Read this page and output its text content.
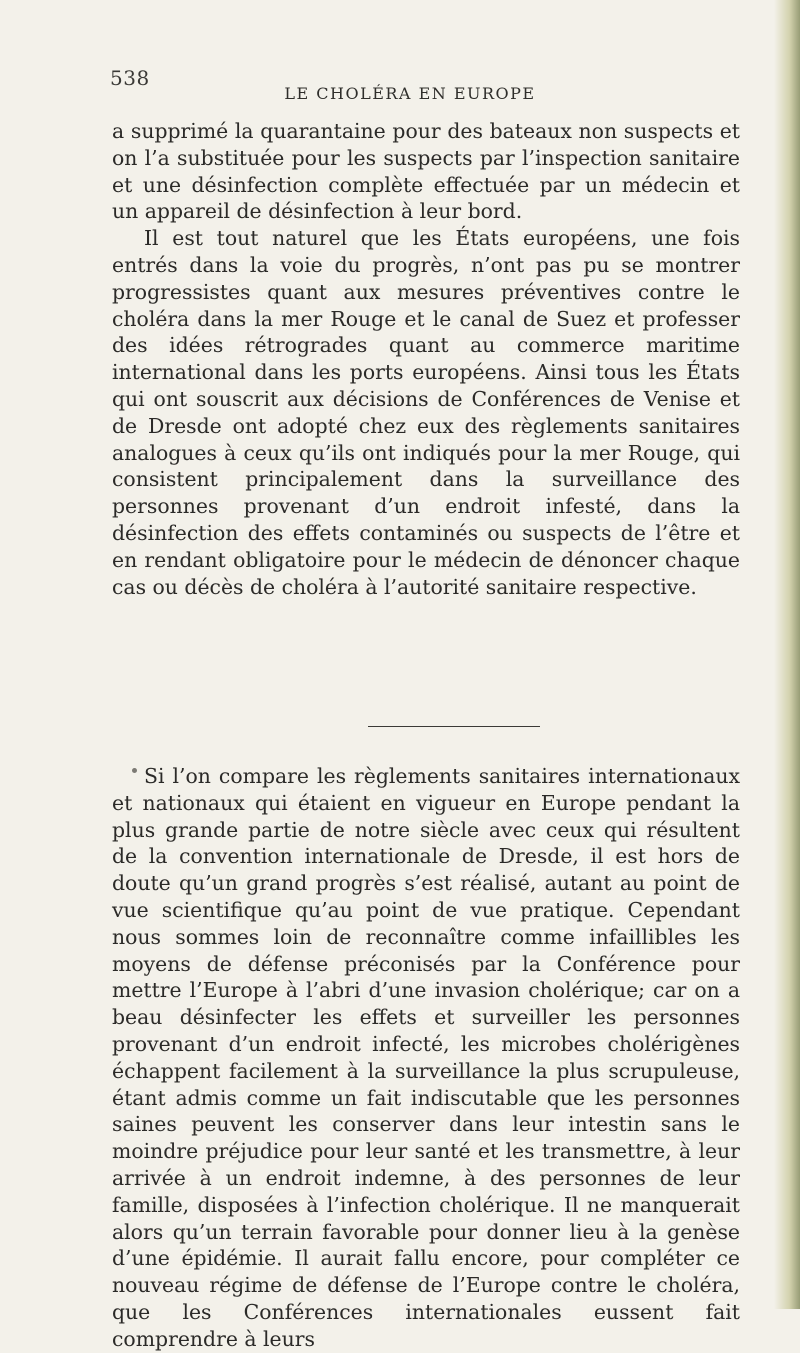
538
LE CHOLÉRA EN EUROPE

a supprimé la quarantaine pour des bateaux non suspects et on l’a substituée pour les suspects par l’inspection sanitaire et une désinfection complète effectuée par un médecin et un appareil de désinfection à leur bord.

Il est tout naturel que les États européens, une fois entrés dans la voie du progrès, n’ont pas pu se montrer progressistes quant aux mesures préventives contre le choléra dans la mer Rouge et le canal de Suez et professer des idées rétrogrades quant au commerce maritime international dans les ports européens. Ainsi tous les États qui ont souscrit aux décisions de Conférences de Venise et de Dresde ont adopté chez eux des règlements sanitaires analogues à ceux qu’ils ont indiqués pour la mer Rouge, qui consistent principalement dans la surveillance des personnes provenant d’un endroit infesté, dans la désinfection des effets contaminés ou suspects de l’être et en rendant obligatoire pour le médecin de dénoncer chaque cas ou décès de choléra à l’autorité sanitaire respective.

Si l’on compare les règlements sanitaires internationaux et nationaux qui étaient en vigueur en Europe pendant la plus grande partie de notre siècle avec ceux qui résultent de la convention internationale de Dresde, il est hors de doute qu’un grand progrès s’est réalisé, autant au point de vue scientifique qu’au point de vue pratique. Cependant nous sommes loin de reconnaître comme infaillibles les moyens de défense préconisés par la Conférence pour mettre l’Europe à l’abri d’une invasion cholérique; car on a beau désinfecter les effets et surveiller les personnes provenant d’un endroit infecté, les microbes cholérigènes échappent facilement à la surveillance la plus scrupuleuse, étant admis comme un fait indiscutable que les personnes saines peuvent les conserver dans leur intestin sans le moindre préjudice pour leur santé et les transmettre, à leur arrivée à un endroit indemne, à des personnes de leur famille, disposées à l’infection cholérique. Il ne manquerait alors qu’un terrain favorable pour donner lieu à la genèse d’une épidémie. Il aurait fallu encore, pour compléter ce nouveau régime de défense de l’Europe contre le choléra, que les Conférences internationales eussent fait comprendre à leurs
